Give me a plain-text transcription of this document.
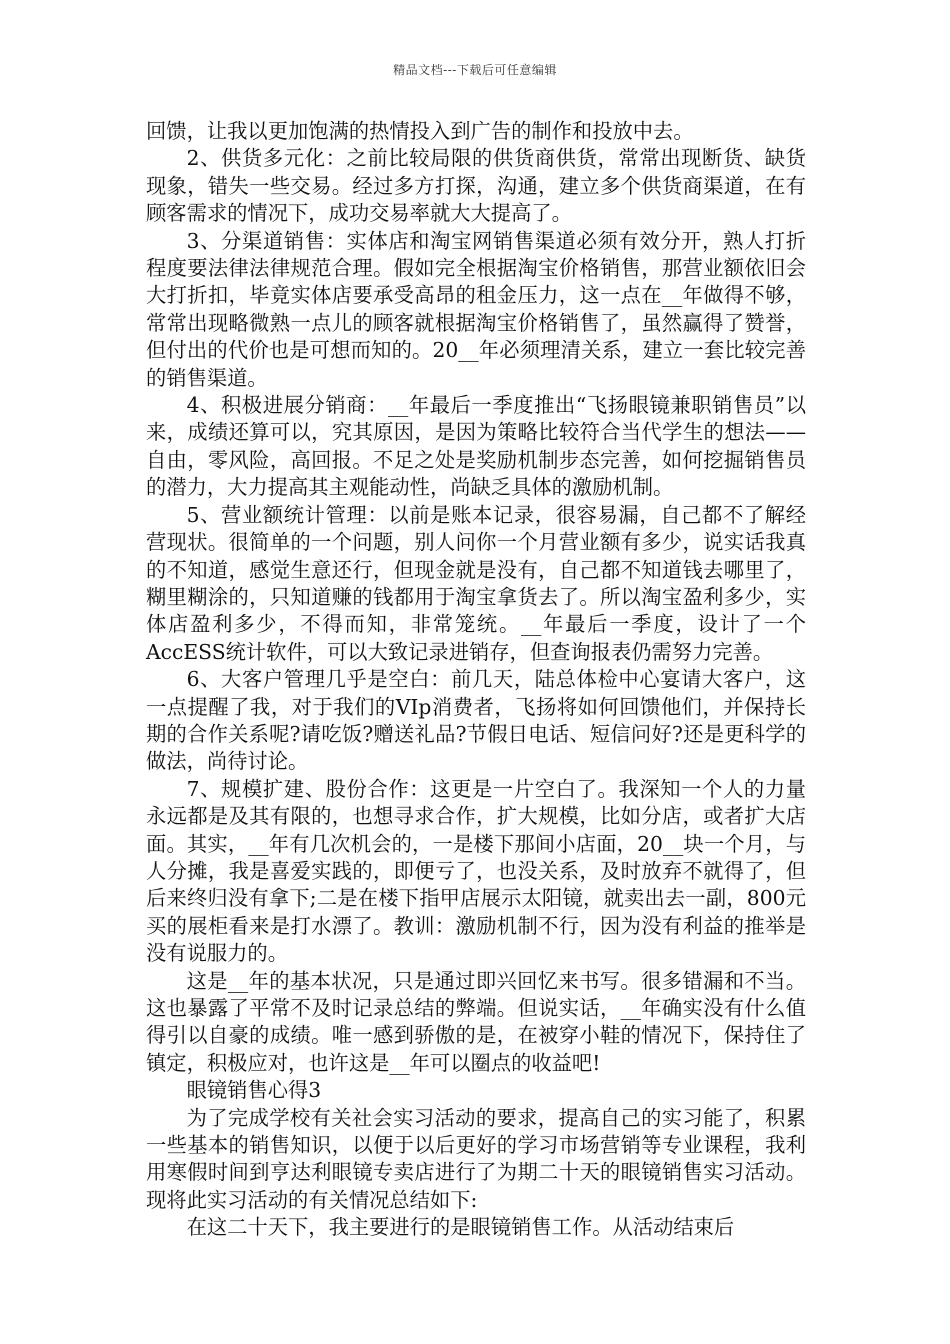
精品文档---下载后可任意编辑

回馈，让我以更加饱满的热情投入到广告的制作和投放中去。

2、供货多元化：之前比较局限的供货商供货，常常出现断货、缺货现象，错失一些交易。经过多方打探，沟通，建立多个供货商渠道，在有顾客需求的情况下，成功交易率就大大提高了。

3、分渠道销售：实体店和淘宝网销售渠道必须有效分开，熟人打折程度要法律法律规范合理。假如完全根据淘宝价格销售，那营业额依旧会大打折扣，毕竟实体店要承受高昂的租金压力，这一点在__年做得不够，常常出现略微熟一点儿的顾客就根据淘宝价格销售了，虽然赢得了赞誉，但付出的代价也是可想而知的。20__年必须理清关系，建立一套比较完善的销售渠道。

4、积极进展分销商：__年最后一季度推出“飞扬眼镜兼职销售员”以来，成绩还算可以，究其原因，是因为策略比较符合当代学生的想法——自由，零风险，高回报。不足之处是奖励机制步态完善，如何挖掘销售员的潜力，大力提高其主观能动性，尚缺乏具体的激励机制。

5、营业额统计管理：以前是账本记录，很容易漏，自己都不了解经营现状。很简单的一个问题，别人问你一个月营业额有多少，说实话我真的不知道，感觉生意还行，但现金就是没有，自己都不知道钱去哪里了，糊里糊涂的，只知道赚的钱都用于淘宝拿货去了。所以淘宝盈利多少，实体店盈利多少，不得而知，非常笼统。__年最后一季度，设计了一个AccESS统计软件，可以大致记录进销存，但查询报表仍需努力完善。

6、大客户管理几乎是空白：前几天，陆总体检中心宴请大客户，这一点提醒了我，对于我们的VIp消费者，飞扬将如何回馈他们，并保持长期的合作关系呢?请吃饭?赠送礼品?节假日电话、短信问好?还是更科学的做法，尚待讨论。

7、规模扩建、股份合作：这更是一片空白了。我深知一个人的力量永远都是及其有限的，也想寻求合作，扩大规模，比如分店，或者扩大店面。其实，__年有几次机会的，一是楼下那间小店面，20__块一个月，与人分摊，我是喜爱实践的，即便亏了，也没关系，及时放弃不就得了，但后来终归没有拿下;二是在楼下指甲店展示太阳镜，就卖出去一副，800元买的展柜看来是打水漂了。教训：激励机制不行，因为没有利益的推举是没有说服力的。

这是__年的基本状况，只是通过即兴回忆来书写。很多错漏和不当。这也暴露了平常不及时记录总结的弊端。但说实话，__年确实没有什么值得引以自豪的成绩。唯一感到骄傲的是，在被穿小鞋的情况下，保持住了镇定，积极应对，也许这是__年可以圈点的收益吧!

眼镜销售心得3

为了完成学校有关社会实习活动的要求，提高自己的实习能了，积累一些基本的销售知识，以便于以后更好的学习市场营销等专业课程，我利用寒假时间到亨达利眼镜专卖店进行了为期二十天的眼镜销售实习活动。现将此实习活动的有关情况总结如下:

在这二十天下，我主要进行的是眼镜销售工作。从活动结束后
